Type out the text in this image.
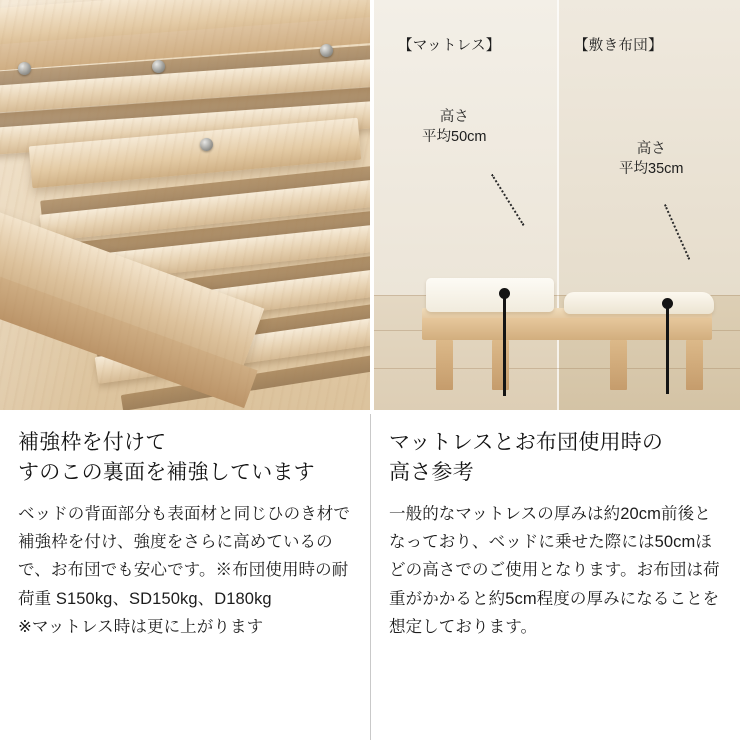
【マットレス】	【敷き布団】
高さ
平均50cm
高さ
平均35cm
補強枠を付けて
すのこの裏面を補強しています

ベッドの背面部分も表面材と同じひのき材で補強枠を付け、強度をさらに高めているので、お布団でも安心です。※布団使用時の耐荷重 S150kg、SD150kg、D180kg
※マットレス時は更に上がります

マットレスとお布団使用時の
高さ参考

一般的なマットレスの厚みは約20cm前後となっており、ベッドに乗せた際には50cmほどの高さでのご使用となります。お布団は荷重がかかると約5cm程度の厚みになることを想定しております。
